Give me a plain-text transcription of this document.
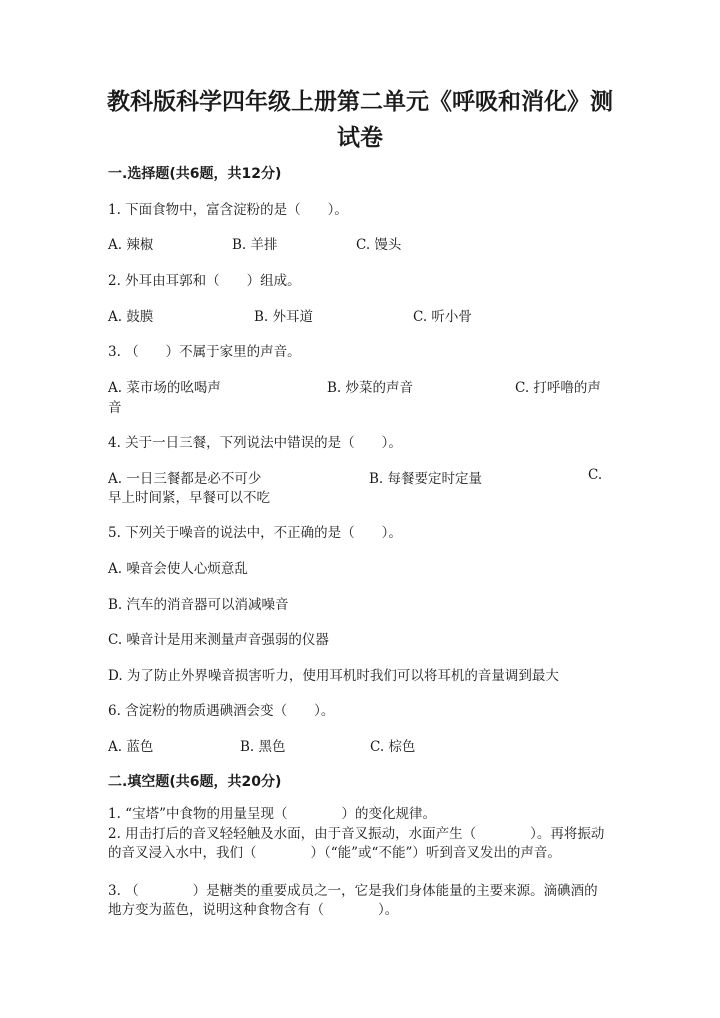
教科版科学四年级上册第二单元《呼吸和消化》测试卷
一.选择题(共6题，共12分)
1. 下面食物中，富含淀粉的是（　　）。
A. 辣椒	B. 羊排	C. 馒头
2. 外耳由耳郭和（　　）组成。
A. 鼓膜	B. 外耳道	C. 听小骨
3. （　　）不属于家里的声音。
A. 菜市场的吆喝声	B. 炒菜的声音	C. 打呼噜的声
音
4. 关于一日三餐，下列说法中错误的是（　　）。
A. 一日三餐都是必不可少	B. 每餐要定时定量	C.
早上时间紧，早餐可以不吃
5. 下列关于噪音的说法中，不正确的是（　　）。
A. 噪音会使人心烦意乱
B. 汽车的消音器可以消减噪音
C. 噪音计是用来测量声音强弱的仪器
D. 为了防止外界噪音损害听力，使用耳机时我们可以将耳机的音量调到最大
6. 含淀粉的物质遇碘酒会变（　　）。
A. 蓝色	B. 黑色	C. 棕色
二.填空题(共6题，共20分)
1. “宝塔”中食物的用量呈现（　　　　）的变化规律。
2. 用击打后的音叉轻轻触及水面，由于音叉振动，水面产生（　　　　）。再将振动的音叉浸入水中，我们（　　　　）（“能”或“不能”）听到音叉发出的声音。
3. （　　　　）是糖类的重要成员之一，它是我们身体能量的主要来源。滴碘酒的地方变为蓝色，说明这种食物含有（　　　　）。
